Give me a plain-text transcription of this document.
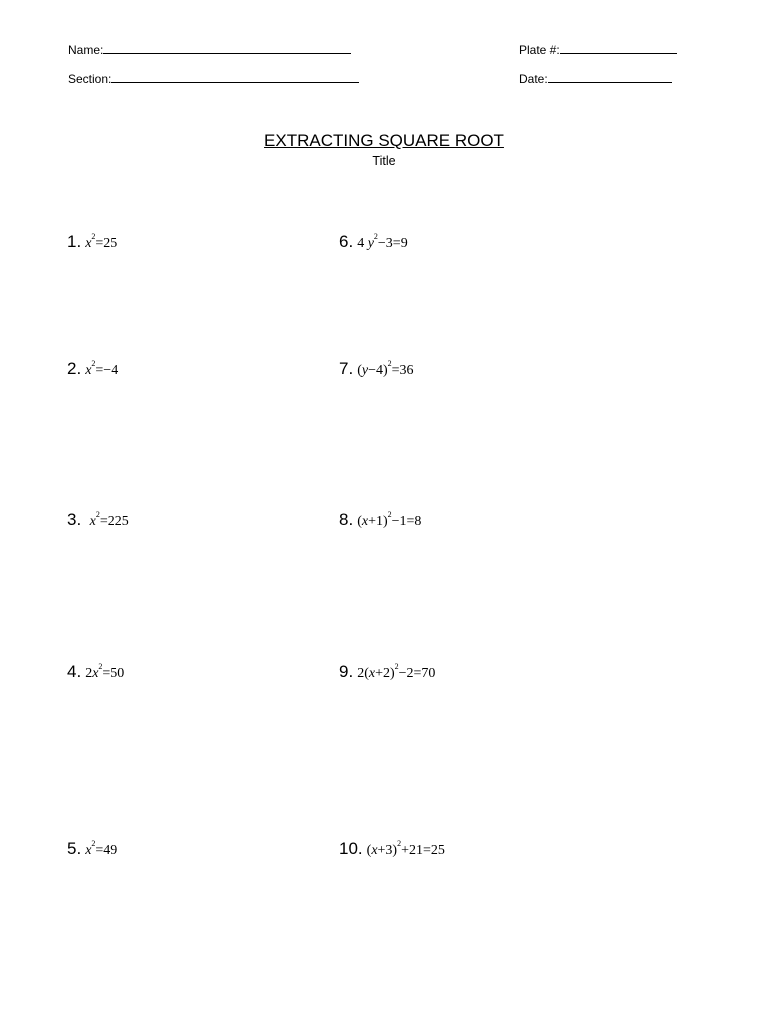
Name:
Section:
Plate #:
Date:
EXTRACTING SQUARE ROOT
Title
1. $x^2=25$
2. $x^2=-4$
3. $x^2=225$
4. $2x^2=50$
5. $x^2=49$
6. 4 $y^2-3=9$
7. $(y-4)^2=36$
8. $(x+1)^2-1=8$
9. $2(x+2)^2-2=70$
10. $(x+3)^2+21=25$
